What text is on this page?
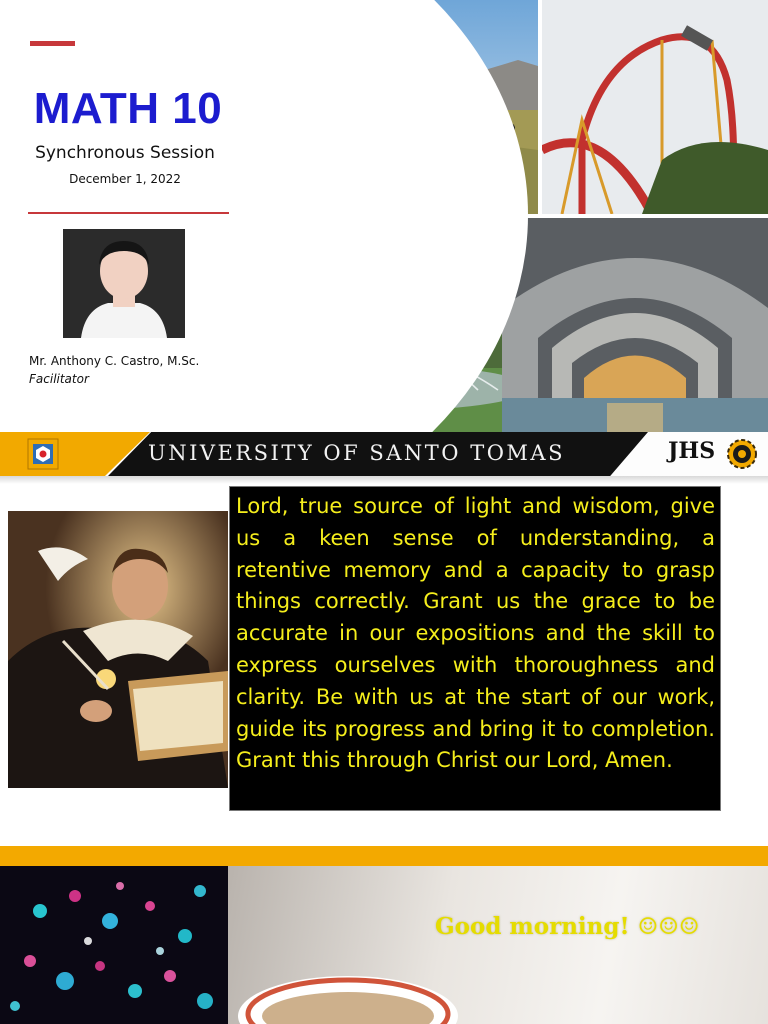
MATH 10
Synchronous Session
December 1, 2022
Mr. Anthony C. Castro, M.Sc.
Facilitator
UNIVERSITY OF SANTO TOMAS	JHS

Lord, true source of light and wisdom, give us a keen sense of understanding, a retentive memory and a capacity to grasp things correctly. Grant us the grace to be accurate in our expositions and the skill to express ourselves with thoroughness and clarity. Be with us at the start of our work, guide its progress and bring it to completion. Grant this through Christ our Lord, Amen.

Good morning! ☺☺☺
